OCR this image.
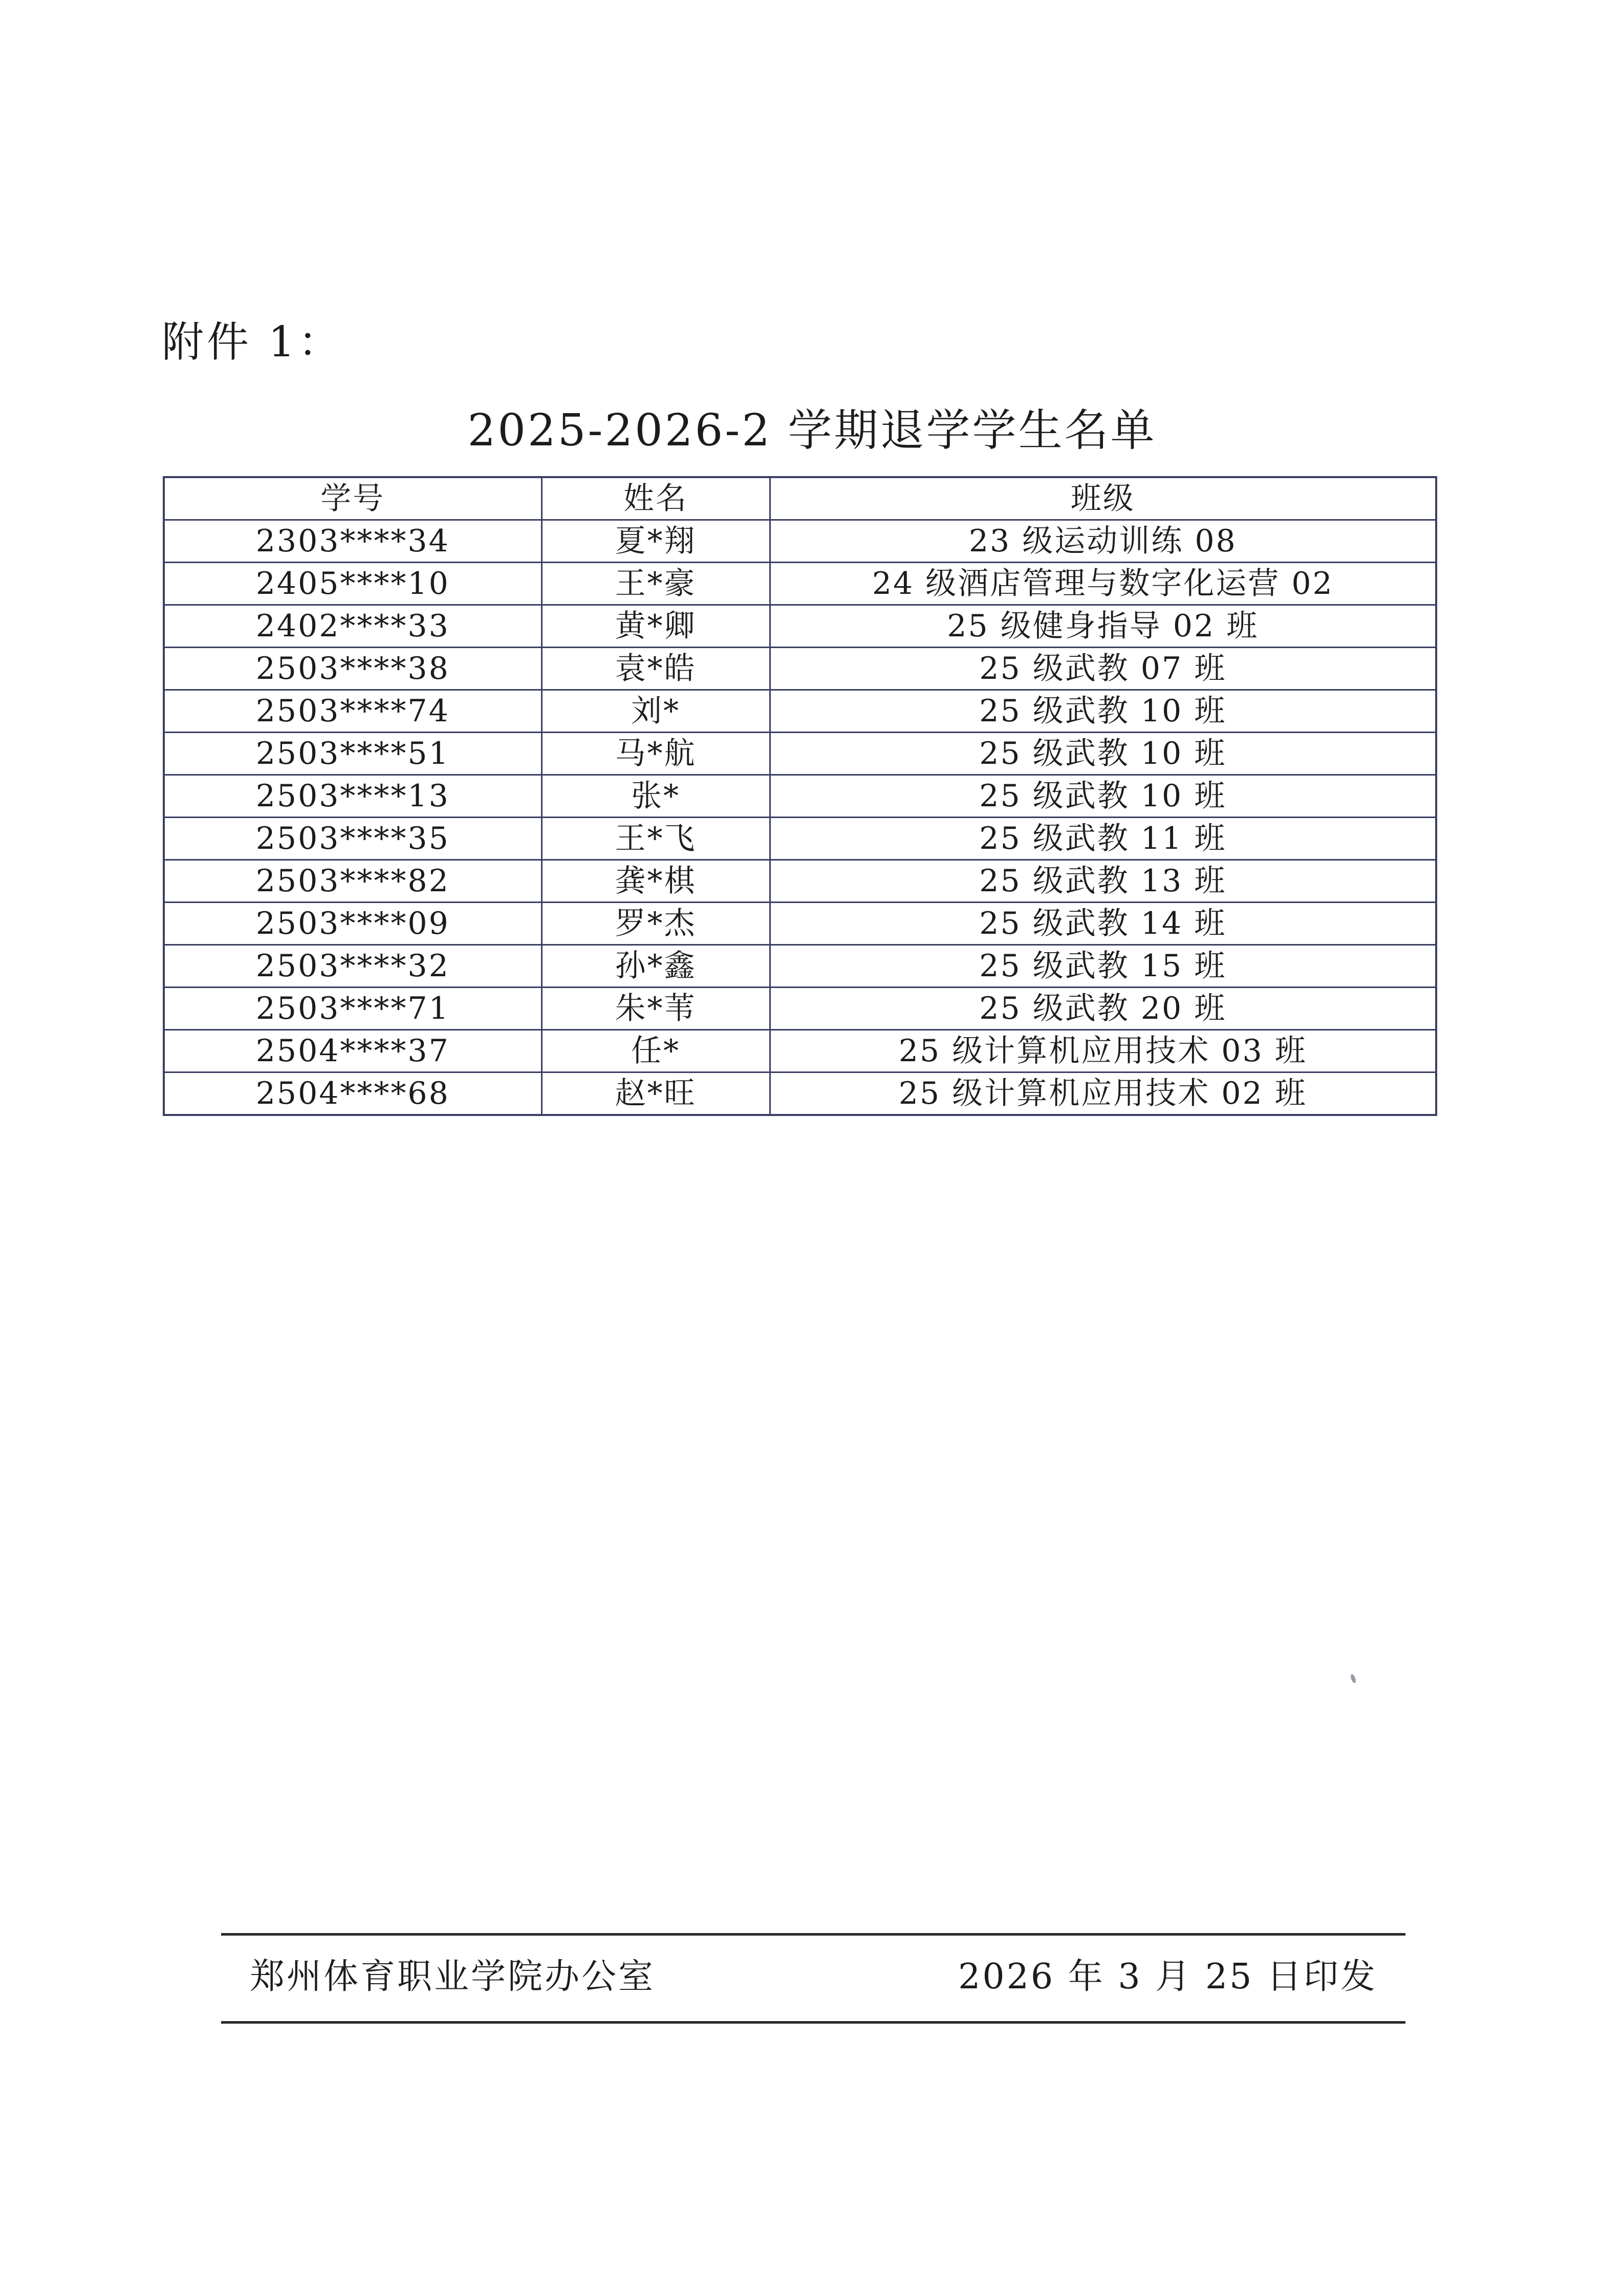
附件 1：
2025-2026-2 学期退学学生名单
学号	姓名	班级
2303****34	夏*翔	23 级运动训练 08
2405****10	王*豪	24 级酒店管理与数字化运营 02
2402****33	黄*卿	25 级健身指导 02 班
2503****38	袁*皓	25 级武教 07 班
2503****74	刘*	25 级武教 10 班
2503****51	马*航	25 级武教 10 班
2503****13	张*	25 级武教 10 班
2503****35	王*飞	25 级武教 11 班
2503****82	龚*棋	25 级武教 13 班
2503****09	罗*杰	25 级武教 14 班
2503****32	孙*鑫	25 级武教 15 班
2503****71	朱*苇	25 级武教 20 班
2504****37	任*	25 级计算机应用技术 03 班
2504****68	赵*旺	25 级计算机应用技术 02 班
郑州体育职业学院办公室	2026 年 3 月 25 日印发
